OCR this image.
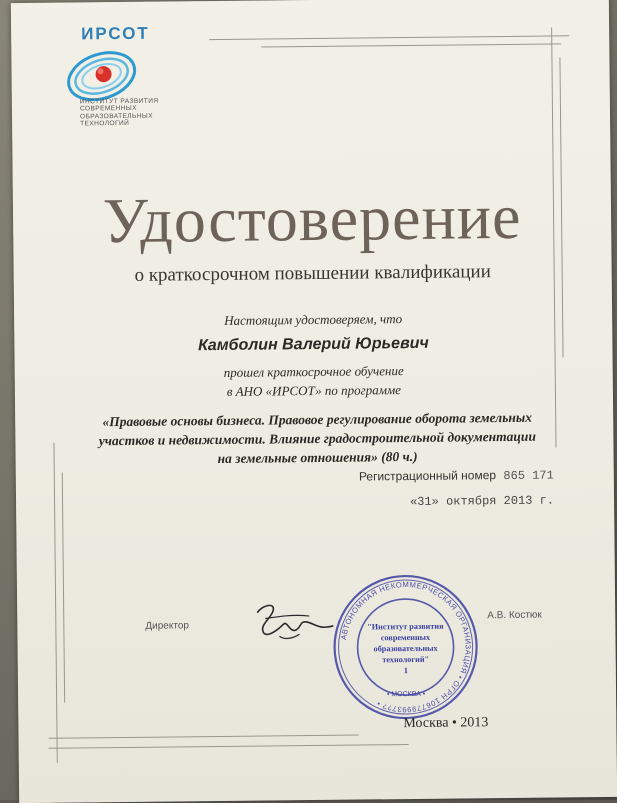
ИРСОТ
ИНСТИТУТ РАЗВИТИЯ СОВРЕМЕННЫХ ОБРАЗОВАТЕЛЬНЫХ ТЕХНОЛОГИЙ
Удостоверение
о краткосрочном повышении квалификации
Настоящим удостоверяем, что
Камболин Валерий Юрьевич
прошел краткосрочное обучение
в АНО «ИРСОТ» по программе
«Правовые основы бизнеса. Правовое регулирование оборота земельных участков и недвижимости. Влияние градостроительной документации на земельные отношения» (80 ч.)
Регистрационный номер 865 171
«31» октября 2013 г.
Директор
А.В. Костюк
АВТОНОМНАЯ НЕКОММЕРЧЕСКАЯ ОРГАНИЗАЦИЯ • ОГРН 1067799937?? •
• МОСКВА •
"Институт развития
современных
образовательных
технологий"
1
Москва • 2013
